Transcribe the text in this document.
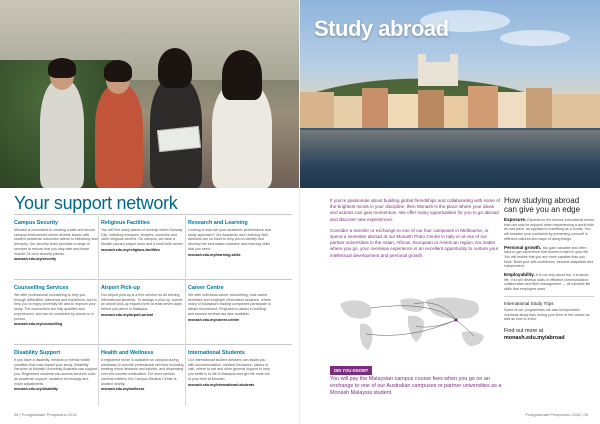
Your support network
Campus Security
Monash is committed to creating a safe and secure campus environment where diverse issues with student academic outcomes attend to effectively and promptly. Our security team provides a range of services to ensure that you stay safe and these include 24-hour security patrols.
monash.edu.my/security
Religious Facilities
You will find many places of worship within Sunway City, including mosques, temples, churches and other religious centres. On campus, we have a Muslim (surau) prayer room and a multi-faith centre.
monash.edu.my/religious-facilities
Research and Learning
Looking to improve your academic performance and study approach? Our Academic and Learning Skill Advisors are on hand to help you to identify and develop the information research and learning skills that you need.
monash.edu.my/learning-skills
Counselling Services
We offer professional counselling to help you through difficulties, dilemmas and transitions, and to help you to enjoy university life and to improve your study. The counsellors are fully qualified and experienced, and can be contacted by phone or in person.
monash.edu.my/counselling
Airport Pick-up
Our airport pick-up is a free service for all arriving international students. To arrange a pick-up, submit an airport pick-up request form at least seven days before you arrive in Malaysia.
monash.edu.my/airport-arrival
Career Centre
We offer individual career counselling, host career seminars and employer information sessions, where many of Malaysia's leading companies participate to attract recruitment. Programs to assist in building and resume reviews are also available.
monash.edu.my/career-centre
Disability Support
If you have a disability, medical or mental health condition that may impact your study, Disability Services at Monash University Australia can support you. Registered students can access services such as academic support, assistive technology and exam adjustments.
monash.edu.my/disability
Health and Wellness
A registered nurse is available on campus during weekdays to provide professional services including treating minor illnesses and injuries, and dispensing over-the-counter medication. For more serious medical matters, the Campus Medical Centre is located nearby.
monash.edu.my/wellness
International Students
Our international student advisers can assist you with accommodation, medical insurance, places to visit, where to eat and other general support to help you settle in to life in Malaysia and get the most out of your time at Monash.
monash.edu.my/international-students
08 | Postgraduate Prospectus 2016
Study abroad

If you're passionate about building global friendships and collaborating with some of the brightest minds in your discipline, then Monash is the place where your ideas and actions can gain momentum. We offer many opportunities for you to go abroad and discover new experiences.

Consider a transfer or exchange to one of our four campuses in Melbourne, or spend a semester abroad at our Monash Prato Centre in Italy or at one of our partner universities in the Asian, African, European or American region. No matter where you go, your overseas experience is an excellent opportunity to nurture your intellectual development and personal growth.

DID YOU KNOW?
You will pay the Malaysian campus course fees when you go on an exchange to one of our Australian campuses or partner universities as a Monash Malaysia student.
How studying abroad can give you an edge
Exposure. Experience the diverse educational sector that can only be enjoyed when experiencing a world with its own pace, as opposed to travelling as a tourist. You will broaden your worldview by immersing yourself in different cultures and ways of doing things.
Personal growth. You gain valuable and often hard-to-get experience that leaves a mark in your life. You will realise that you are more capable than you think. Build your self-confidence, become adaptable and independent.
Employability. It is not only about fun, it is about life. You will develop skills in effective communication, collaboration and time management — all valuable life skills that employers want.
International Study Trips
Some of our programmes are also incorporated overseas study trips during your term of the course as well as how to enrol.
Find out more at
monash.edu.my/abroad
Postgraduate Prospectus 2016 | 09
